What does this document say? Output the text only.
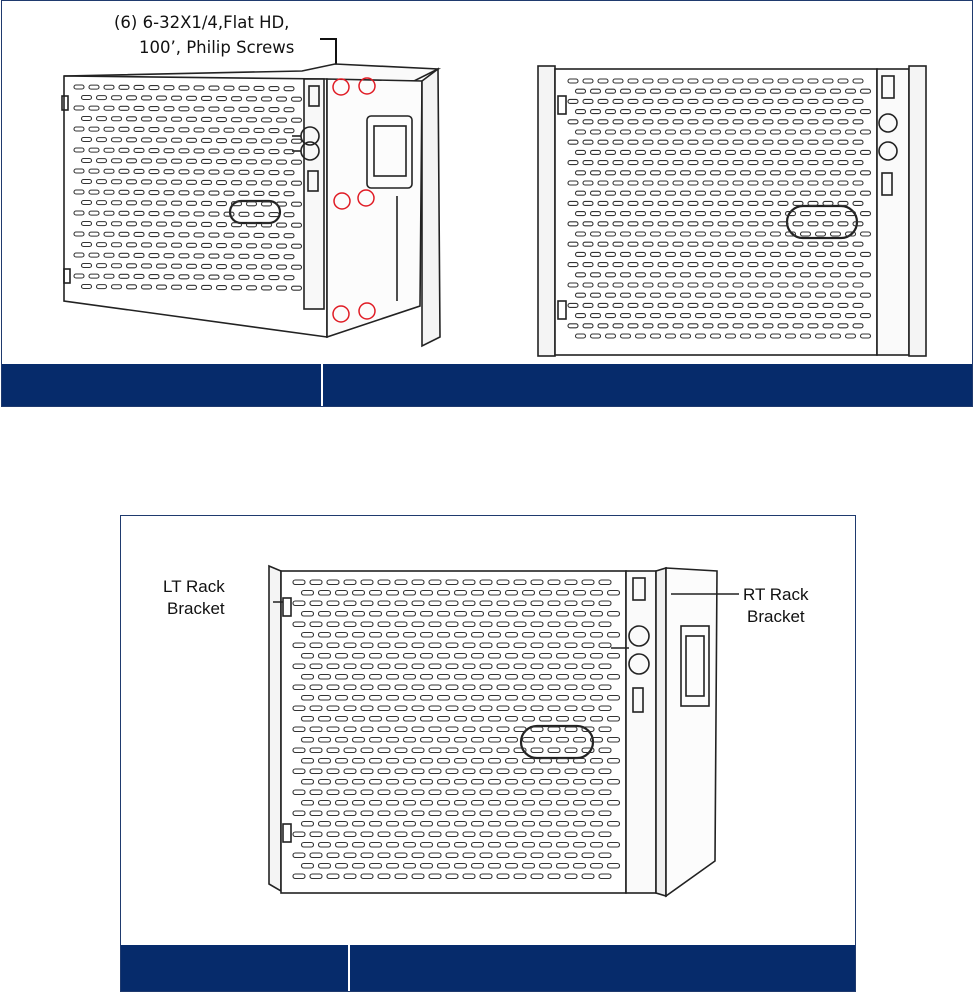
(6) 6-32X1/4,Flat HD,
100’, Philip Screws
LT Rack
Bracket
RT Rack
Bracket
